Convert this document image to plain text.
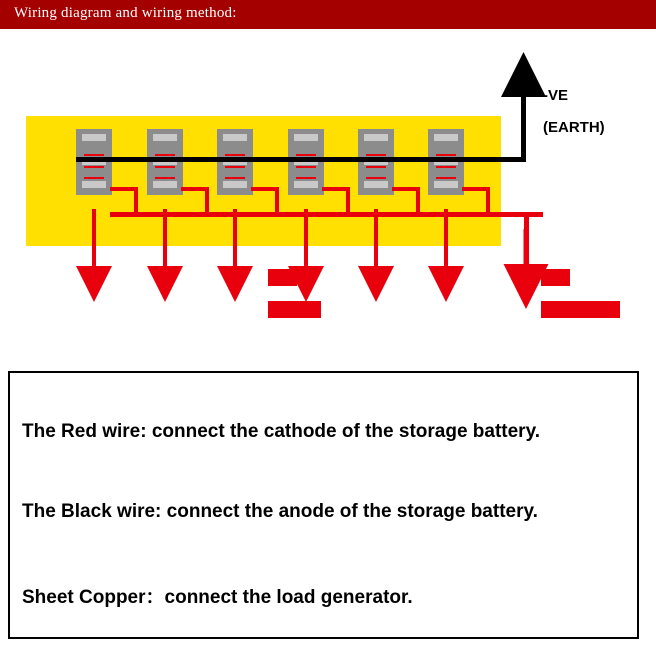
Wiring diagram and wiring method:
-VE
(EARTH)
+VE
(LOAD)
+VE
(BATTERY)
The Red wire: connect the cathode of the storage battery.
The Black wire: connect the anode of the storage battery.
Sheet Copper：connect the load generator.
